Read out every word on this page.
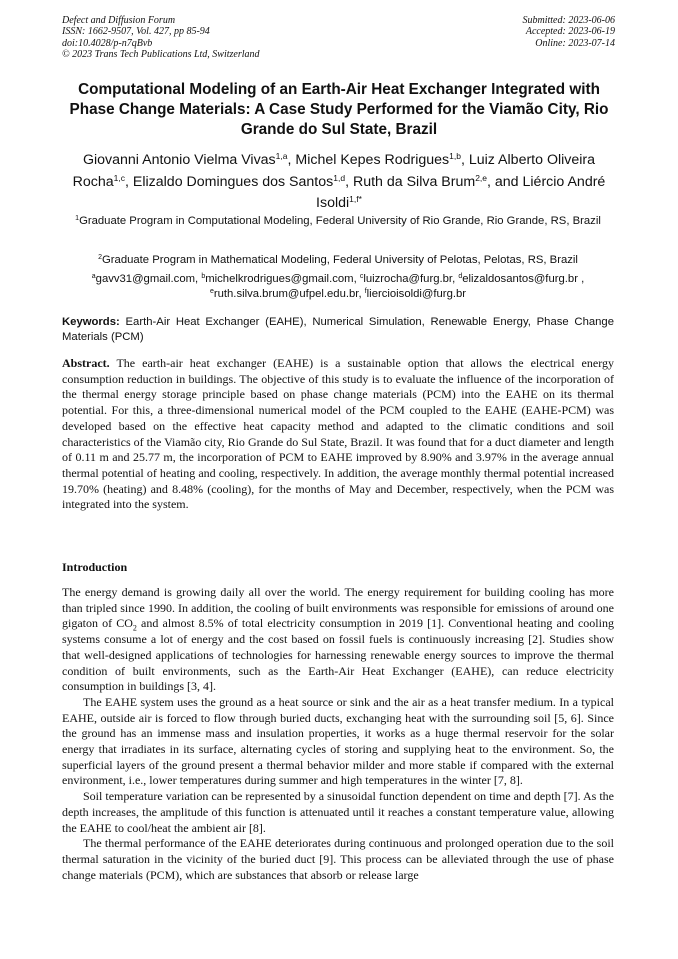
Defect and Diffusion Forum
ISSN: 1662-9507, Vol. 427, pp 85-94
doi:10.4028/p-n7qBvb
© 2023 Trans Tech Publications Ltd, Switzerland
Submitted: 2023-06-06
Accepted: 2023-06-19
Online: 2023-07-14
Computational Modeling of an Earth-Air Heat Exchanger Integrated with Phase Change Materials: A Case Study Performed for the Viamão City, Rio Grande do Sul State, Brazil

Giovanni Antonio Vielma Vivas$^{1,a}$, Michel Kepes Rodrigues$^{1,b}$, Luiz Alberto Oliveira Rocha$^{1,c}$, Elizaldo Domingues dos Santos$^{1,d}$, Ruth da Silva Brum$^{2,e}$, and Liércio André Isoldi$^{1,f*}$

$^1$Graduate Program in Computational Modeling, Federal University of Rio Grande, Rio Grande, RS, Brazil

$^2$Graduate Program in Mathematical Modeling, Federal University of Pelotas, Pelotas, RS, Brazil

$^a$gavv31@gmail.com, $^b$michelkrodrigues@gmail.com, $^c$luizrocha@furg.br, $^d$elizaldosantos@furg.br , $^e$ruth.silva.brum@ufpel.edu.br, $^f$liercioisoldi@furg.br

Keywords: Earth-Air Heat Exchanger (EAHE), Numerical Simulation, Renewable Energy, Phase Change Materials (PCM)

Abstract. The earth-air heat exchanger (EAHE) is a sustainable option that allows the electrical energy consumption reduction in buildings. The objective of this study is to evaluate the influence of the incorporation of the thermal energy storage principle based on phase change materials (PCM) into the EAHE on its thermal potential. For this, a three-dimensional numerical model of the PCM coupled to the EAHE (EAHE-PCM) was developed based on the effective heat capacity method and adapted to the climatic conditions and soil characteristics of the Viamão city, Rio Grande do Sul State, Brazil. It was found that for a duct diameter and length of 0.11 m and 25.77 m, the incorporation of PCM to EAHE improved by 8.90% and 3.97% in the average annual thermal potential of heating and cooling, respectively. In addition, the average monthly thermal potential increased 19.70% (heating) and 8.48% (cooling), for the months of May and December, respectively, when the PCM was integrated into the system.

Introduction

The energy demand is growing daily all over the world. The energy requirement for building cooling has more than tripled since 1990. In addition, the cooling of built environments was responsible for emissions of around one gigaton of $CO_2$ and almost 8.5% of total electricity consumption in 2019 [1]. Conventional heating and cooling systems consume a lot of energy and the cost based on fossil fuels is continuously increasing [2]. Studies show that well-designed applications of technologies for harnessing renewable energy sources to improve the thermal condition of built environments, such as the Earth-Air Heat Exchanger (EAHE), can reduce electricity consumption in buildings [3, 4].

The EAHE system uses the ground as a heat source or sink and the air as a heat transfer medium. In a typical EAHE, outside air is forced to flow through buried ducts, exchanging heat with the surrounding soil [5, 6]. Since the ground has an immense mass and insulation properties, it works as a huge thermal reservoir for the solar energy that irradiates in its surface, alternating cycles of storing and supplying heat to the environment. So, the superficial layers of the ground present a thermal behavior milder and more stable if compared with the external environment, i.e., lower temperatures during summer and high temperatures in the winter [7, 8].

Soil temperature variation can be represented by a sinusoidal function dependent on time and depth [7]. As the depth increases, the amplitude of this function is attenuated until it reaches a constant temperature value, allowing the EAHE to cool/heat the ambient air [8].

The thermal performance of the EAHE deteriorates during continuous and prolonged operation due to the soil thermal saturation in the vicinity of the buried duct [9]. This process can be alleviated through the use of phase change materials (PCM), which are substances that absorb or release large
